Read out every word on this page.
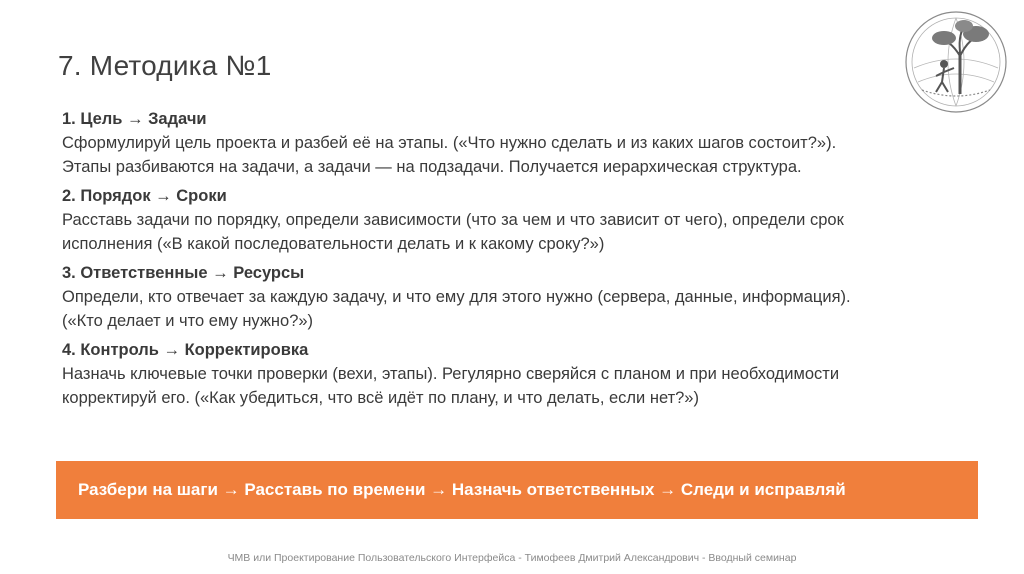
7. Методика №1
1. Цель → Задачи
Сформулируй цель проекта и разбей её на этапы. («Что нужно сделать и из каких шагов состоит?»).
Этапы разбиваются на задачи, а задачи — на подзадачи. Получается иерархическая структура.
2. Порядок → Сроки
Расставь задачи по порядку, определи зависимости (что за чем и что зависит от чего), определи срок
исполнения («В какой последовательности делать и к какому сроку?»)
3. Ответственные → Ресурсы
Определи, кто отвечает за каждую задачу, и что ему для этого нужно (сервера, данные, информация).
(«Кто делает и что ему нужно?»)
4. Контроль → Корректировка
Назначь ключевые точки проверки (вехи, этапы). Регулярно сверяйся с планом и при необходимости
корректируй его. («Как убедиться, что всё идёт по плану, и что делать, если нет?»)
Разбери на шаги → Расставь по времени → Назначь ответственных → Следи и исправляй
ЧМВ или Проектирование Пользовательского Интерфейса - Тимофеев Дмитрий Александрович - Вводный семинар
